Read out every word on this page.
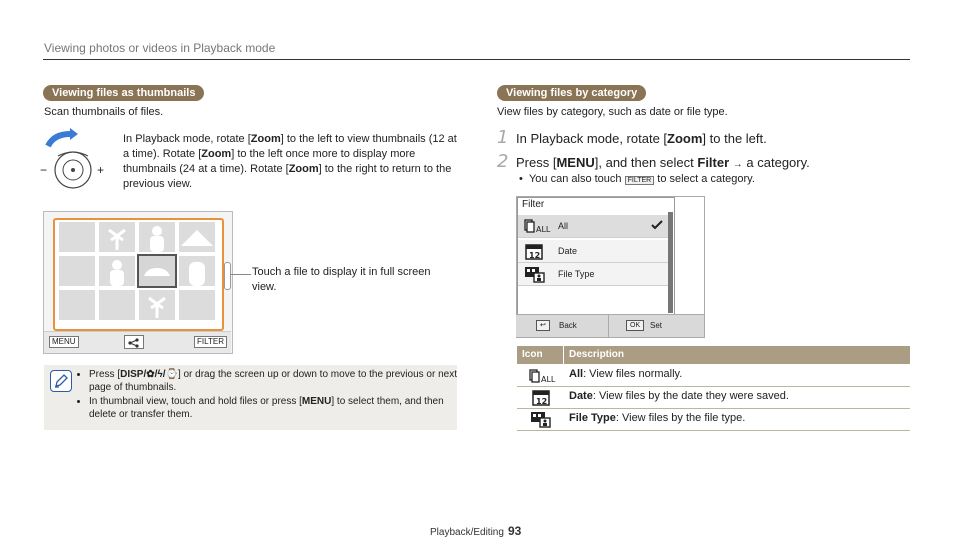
Viewing photos or videos in Playback mode
Viewing files as thumbnails
Scan thumbnails of files.
−	+
In Playback mode, rotate [Zoom] to the left to view thumbnails (12 at a time). Rotate [Zoom] to the left once more to display more thumbnails (24 at a time). Rotate [Zoom] to the right to return to the previous view.
MENU	FILTER
Touch a file to display it in full screen view.
• Press [DISP/✿/ϟ/⌚] or drag the screen up or down to move to the previous or next page of thumbnails.
• In thumbnail view, touch and hold files or press [MENU] to select them, and then delete or transfer them.
Viewing files by category
View files by category, such as date or file type.
1 In Playback mode, rotate [Zoom] to the left.
2 Press [MENU], and then select Filter → a category.
•  You can also touch FILTER to select a category.
Filter
ALL All
12 Date
File Type
↩	Back	OK	Set
Icon	Description
ALL All: View files normally.
12 Date: View files by the date they were saved.
File Type: View files by the file type.
Playback/Editing 93
